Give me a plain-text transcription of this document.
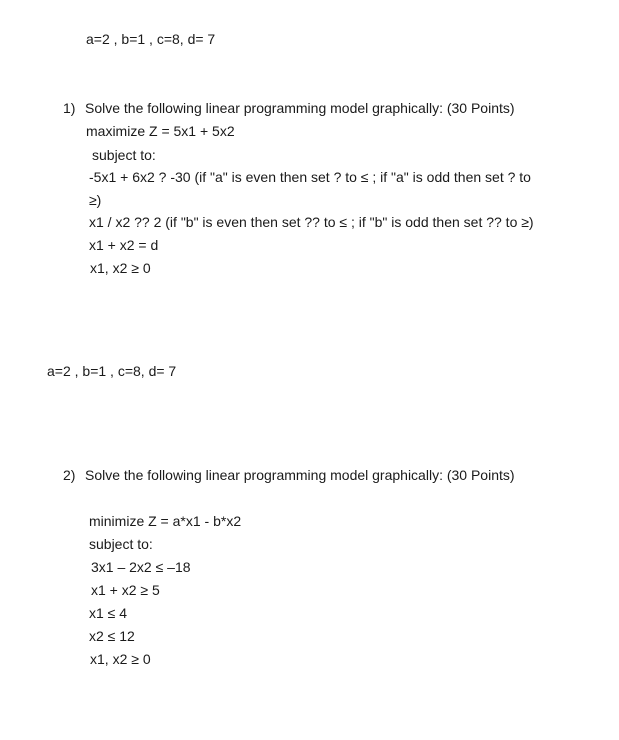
a=2 , b=1 , c=8, d= 7
1) Solve the following linear programming model graphically: (30 Points)
maximize Z = 5x1 + 5x2
subject to:
-5x1 + 6x2 ? -30 (if "a" is even then set ? to ≤ ; if "a" is odd then set ? to
≥)
x1 / x2 ?? 2 (if "b" is even then set ?? to ≤ ; if "b" is odd then set ?? to ≥)
x1 + x2 = d
x1, x2 ≥ 0
a=2 , b=1 , c=8, d= 7
2) Solve the following linear programming model graphically: (30 Points)
minimize Z = a*x1 - b*x2
subject to:
3x1 – 2x2 ≤ –18
x1 + x2 ≥ 5
x1 ≤ 4
x2 ≤ 12
x1, x2 ≥ 0
